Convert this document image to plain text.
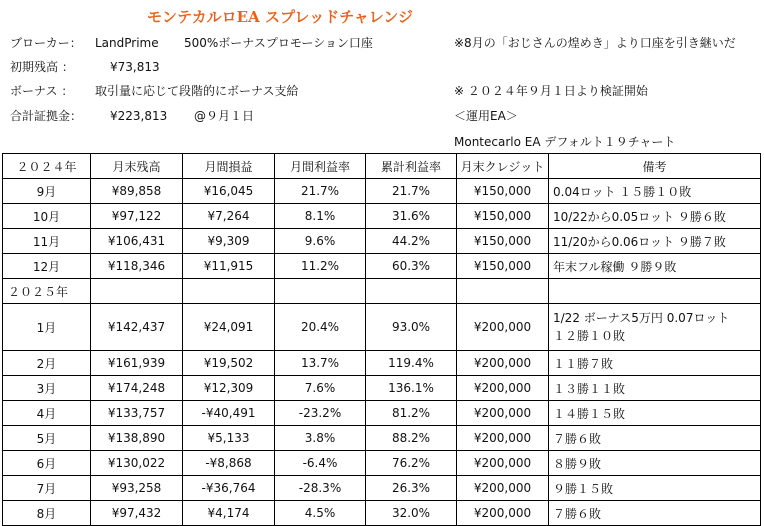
モンテカルロEA スプレッドチャレンジ
ブローカー： LandPrime 500%ボーナスプロモーション口座	※8月の「おじさんの煌めき」より口座を引き継いだ
初期残高 ：	¥73,813
ボーナス ： 取引量に応じて段階的にボーナス支給	※ ２０２４年９月１日より検証開始
合計証拠金： ¥223,813 @９月１日	＜運用EA＞
Montecarlo EA デフォルト１９チャート
２０２４年	月末残高	月間損益	月間利益率	累計利益率	月末クレジット	備考
9月	¥89,858	¥16,045	21.7%	21.7%	¥150,000	0.04ロット １５勝１０敗
10月	¥97,122	¥7,264	8.1%	31.6%	¥150,000	10/22から0.05ロット ９勝６敗
11月	¥106,431	¥9,309	9.6%	44.2%	¥150,000	11/20から0.06ロット ９勝７敗
12月	¥118,346	¥11,915	11.2%	60.3%	¥150,000	年末フル稼働 ９勝９敗
２０２５年						
1月	¥142,437	¥24,091	20.4%	93.0%	¥200,000	1/22 ボーナス5万円 0.07ロット
１２勝１０敗

2月	¥161,939	¥19,502	13.7%	119.4%	¥200,000	１１勝７敗
3月	¥174,248	¥12,309	7.6%	136.1%	¥200,000	１３勝１１敗
4月	¥133,757	-¥40,491	-23.2%	81.2%	¥200,000	１４勝１５敗
5月	¥138,890	¥5,133	3.8%	88.2%	¥200,000	７勝６敗
6月	¥130,022	-¥8,868	-6.4%	76.2%	¥200,000	８勝９敗
7月	¥93,258	-¥36,764	-28.3%	26.3%	¥200,000	９勝１５敗
8月	¥97,432	¥4,174	4.5%	32.0%	¥200,000	７勝６敗
